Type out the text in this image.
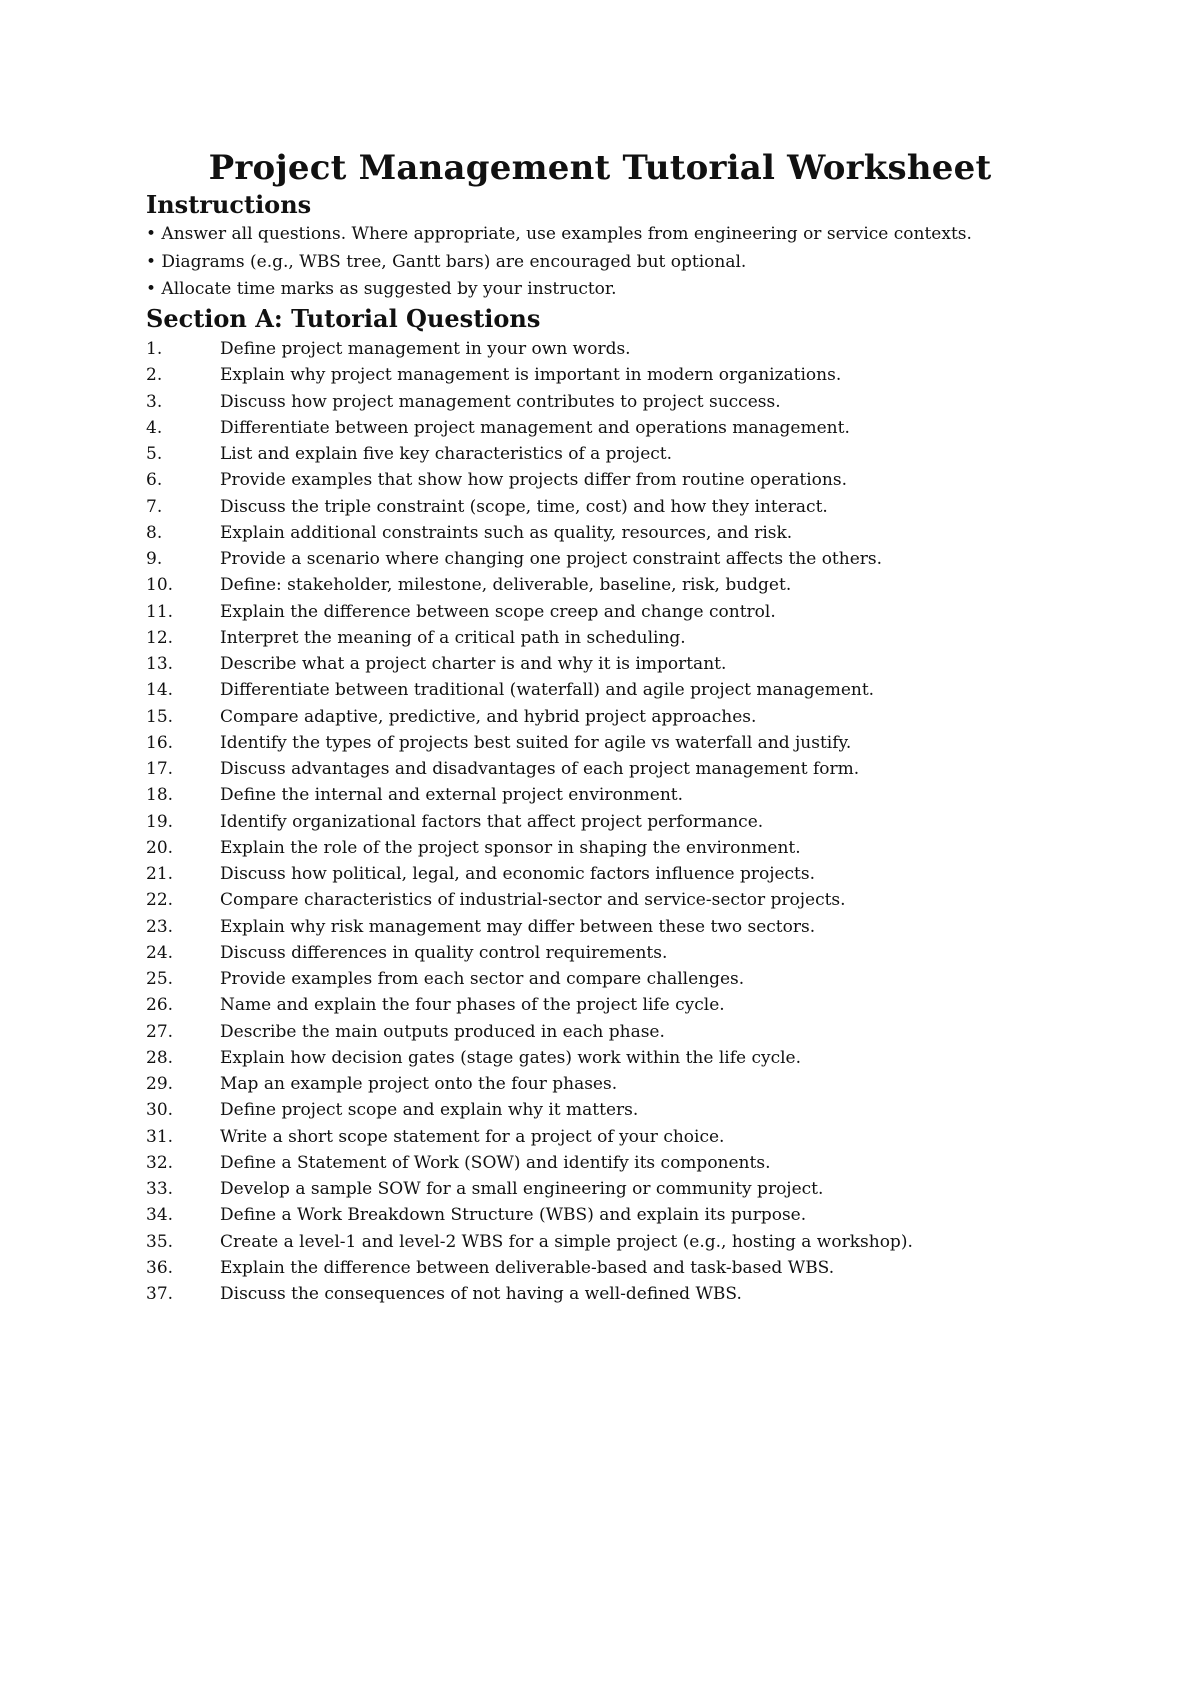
Project Management Tutorial Worksheet
Instructions
• Answer all questions. Where appropriate, use examples from engineering or service contexts.
• Diagrams (e.g., WBS tree, Gantt bars) are encouraged but optional.
• Allocate time marks as suggested by your instructor.
Section A: Tutorial Questions
1.	Define project management in your own words.
2.	Explain why project management is important in modern organizations.
3.	Discuss how project management contributes to project success.
4.	Differentiate between project management and operations management.
5.	List and explain five key characteristics of a project.
6.	Provide examples that show how projects differ from routine operations.
7.	Discuss the triple constraint (scope, time, cost) and how they interact.
8.	Explain additional constraints such as quality, resources, and risk.
9.	Provide a scenario where changing one project constraint affects the others.
10.	Define: stakeholder, milestone, deliverable, baseline, risk, budget.
11.	Explain the difference between scope creep and change control.
12.	Interpret the meaning of a critical path in scheduling.
13.	Describe what a project charter is and why it is important.
14.	Differentiate between traditional (waterfall) and agile project management.
15.	Compare adaptive, predictive, and hybrid project approaches.
16.	Identify the types of projects best suited for agile vs waterfall and justify.
17.	Discuss advantages and disadvantages of each project management form.
18.	Define the internal and external project environment.
19.	Identify organizational factors that affect project performance.
20.	Explain the role of the project sponsor in shaping the environment.
21.	Discuss how political, legal, and economic factors influence projects.
22.	Compare characteristics of industrial-sector and service-sector projects.
23.	Explain why risk management may differ between these two sectors.
24.	Discuss differences in quality control requirements.
25.	Provide examples from each sector and compare challenges.
26.	Name and explain the four phases of the project life cycle.
27.	Describe the main outputs produced in each phase.
28.	Explain how decision gates (stage gates) work within the life cycle.
29.	Map an example project onto the four phases.
30.	Define project scope and explain why it matters.
31.	Write a short scope statement for a project of your choice.
32.	Define a Statement of Work (SOW) and identify its components.
33.	Develop a sample SOW for a small engineering or community project.
34.	Define a Work Breakdown Structure (WBS) and explain its purpose.
35.	Create a level-1 and level-2 WBS for a simple project (e.g., hosting a workshop).
36.	Explain the difference between deliverable-based and task-based WBS.
37.	Discuss the consequences of not having a well-defined WBS.
